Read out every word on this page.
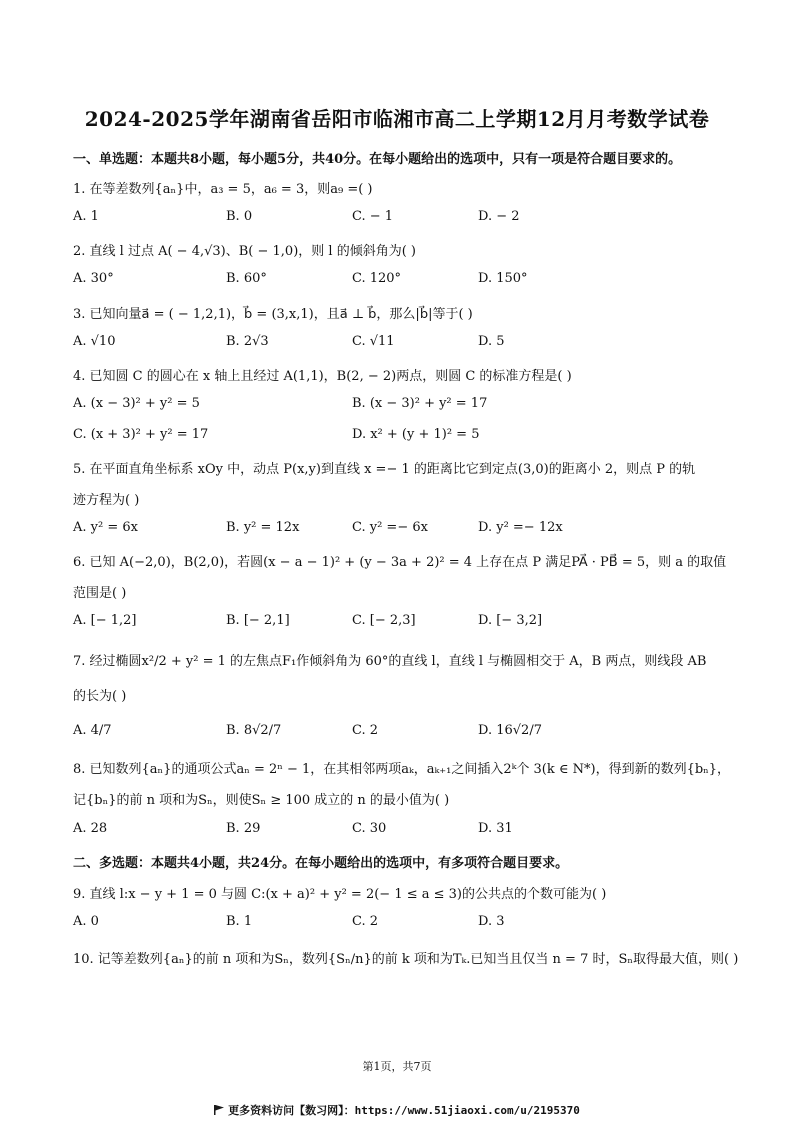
2024-2025学年湖南省岳阳市临湘市高二上学期12月月考数学试卷
一、单选题：本题共8小题，每小题5分，共40分。在每小题给出的选项中，只有一项是符合题目要求的。
1. 在等差数列{aₙ}中，a₃ = 5，a₆ = 3，则a₉ =( )
A. 1	B. 0	C. − 1	D. − 2
2. 直线 l 过点 A( − 4,√3)、B( − 1,0)，则 l 的倾斜角为( )
A. 30°	B. 60°	C. 120°	D. 150°
3. 已知向量a⃗ = ( − 1,2,1)，b⃗ = (3,x,1)，且a⃗ ⊥ b⃗，那么|b⃗|等于( )
A. √10	B. 2√3	C. √11	D. 5
4. 已知圆 C 的圆心在 x 轴上且经过 A(1,1)，B(2, − 2)两点，则圆 C 的标准方程是( )
A. (x − 3)² + y² = 5	B. (x − 3)² + y² = 17
C. (x + 3)² + y² = 17	D. x² + (y + 1)² = 5
5. 在平面直角坐标系 xOy 中，动点 P(x,y)到直线 x =− 1 的距离比它到定点(3,0)的距离小 2，则点 P 的轨
迹方程为( )
A. y² = 6x	B. y² = 12x	C. y² =− 6x	D. y² =− 12x
6. 已知 A(−2,0)，B(2,0)，若圆(x − a − 1)² + (y − 3a + 2)² = 4 上存在点 P 满足PA⃗ · PB⃗ = 5，则 a 的取值
范围是( )
A. [− 1,2]	B. [− 2,1]	C. [− 2,3]	D. [− 3,2]
7. 经过椭圆x²/2 + y² = 1 的左焦点F₁作倾斜角为 60°的直线 l，直线 l 与椭圆相交于 A，B 两点，则线段 AB
的长为( )
A. 4/7	B. 8√2/7	C. 2	D. 16√2/7
8. 已知数列{aₙ}的通项公式aₙ = 2ⁿ − 1，在其相邻两项aₖ，aₖ₊₁之间插入2ᵏ个 3(k ∈ N*)，得到新的数列{bₙ}，
记{bₙ}的前 n 项和为Sₙ，则使Sₙ ≥ 100 成立的 n 的最小值为( )
A. 28	B. 29	C. 30	D. 31
二、多选题：本题共4小题，共24分。在每小题给出的选项中，有多项符合题目要求。
9. 直线 l:x − y + 1 = 0 与圆 C:(x + a)² + y² = 2(− 1 ≤ a ≤ 3)的公共点的个数可能为( )
A. 0	B. 1	C. 2	D. 3
10. 记等差数列{aₙ}的前 n 项和为Sₙ，数列{Sₙ/n}的前 k 项和为Tₖ.已知当且仅当 n = 7 时，Sₙ取得最大值，则( )
第1页，共7页
更多资料访问【数习网】：https://www.51jiaoxi.com/u/2195370
